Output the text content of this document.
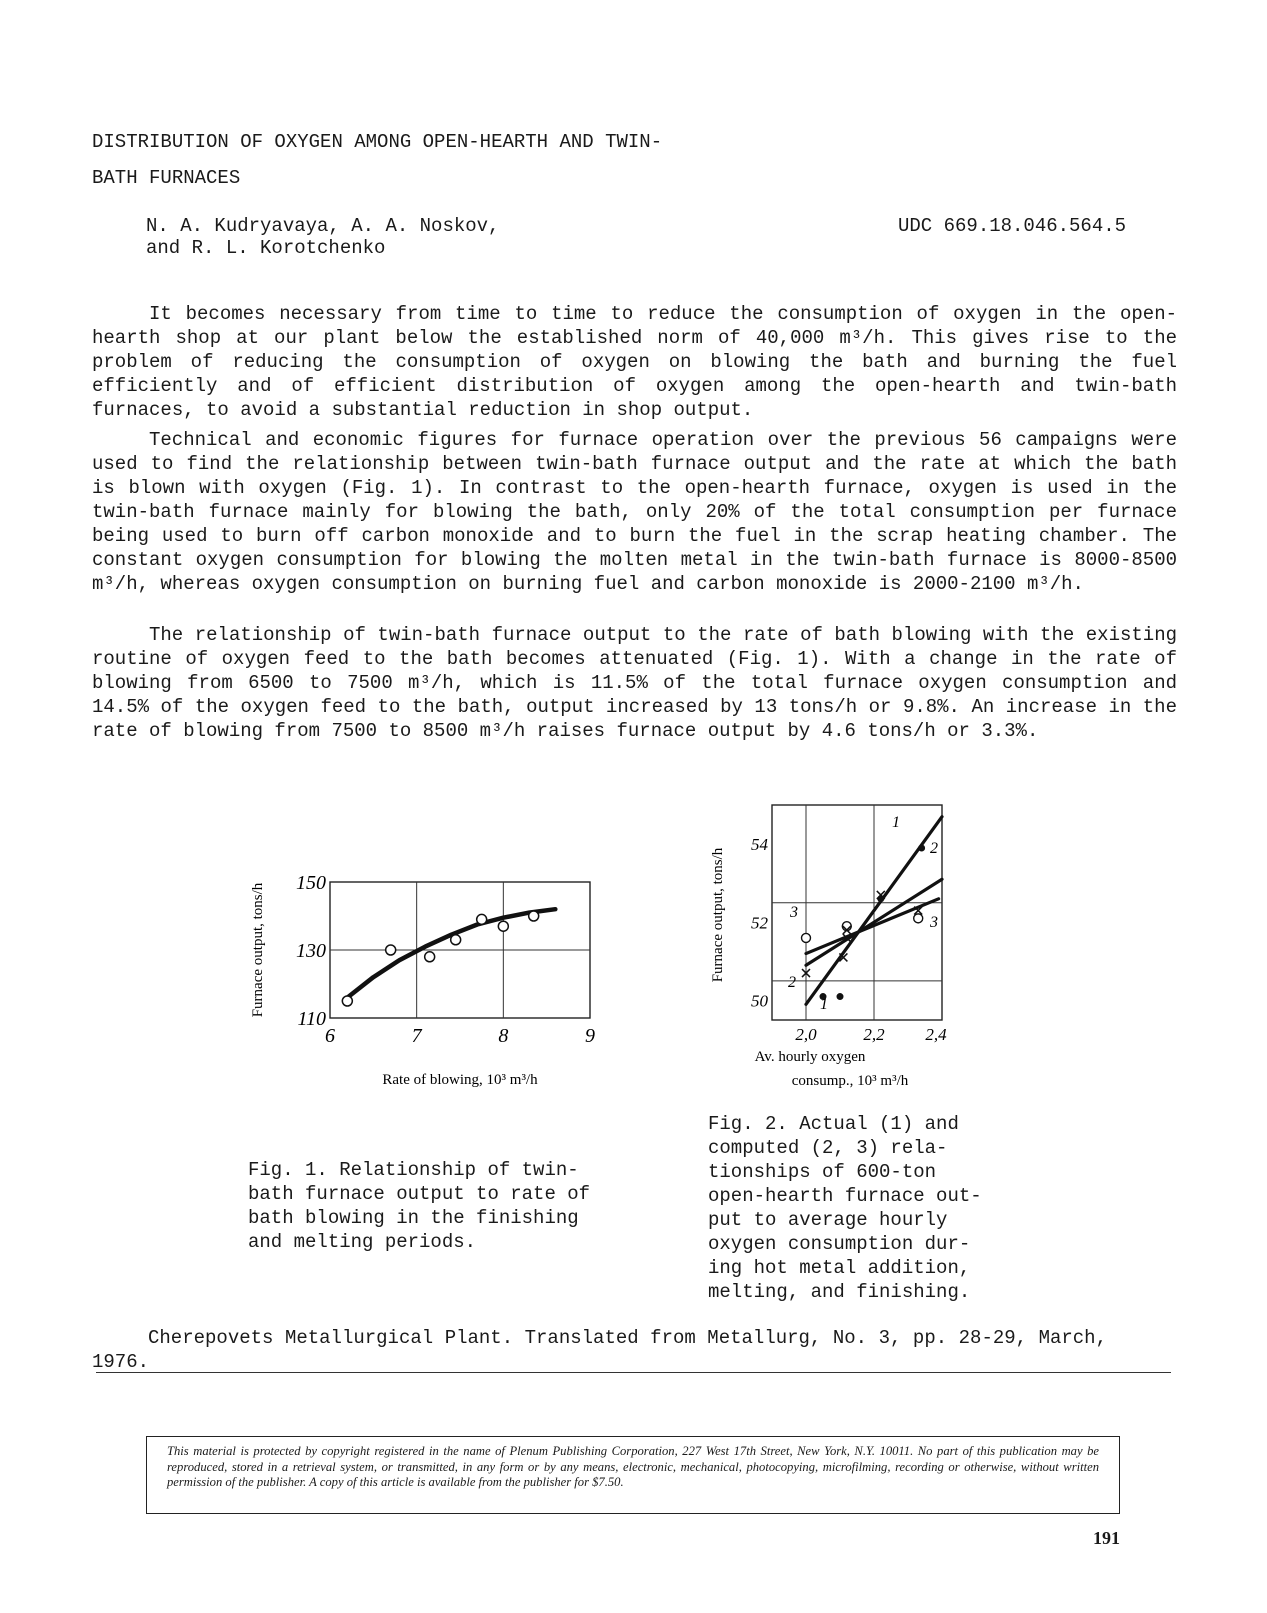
DISTRIBUTION OF OXYGEN AMONG OPEN-HEARTH AND TWIN-
BATH FURNACES
N. A. Kudryavaya, A. A. Noskov,
and R. L. Korotchenko
UDC 669.18.046.564.5
It becomes necessary from time to time to reduce the consumption of oxygen in the open-hearth shop at our plant below the established norm of 40,000 m³/h. This gives rise to the problem of reducing the consumption of oxygen on blowing the bath and burning the fuel efficiently and of efficient distribution of oxygen among the open-hearth and twin-bath furnaces, to avoid a substantial reduction in shop output.
Technical and economic figures for furnace operation over the previous 56 campaigns were used to find the relationship between twin-bath furnace output and the rate at which the bath is blown with oxygen (Fig. 1). In contrast to the open-hearth furnace, oxygen is used in the twin-bath furnace mainly for blowing the bath, only 20% of the total consumption per furnace being used to burn off carbon monoxide and to burn the fuel in the scrap heating chamber. The constant oxygen consumption for blowing the molten metal in the twin-bath furnace is 8000-8500 m³/h, whereas oxygen consumption on burning fuel and carbon monoxide is 2000-2100 m³/h.
The relationship of twin-bath furnace output to the rate of bath blowing with the existing routine of oxygen feed to the bath becomes attenuated (Fig. 1). With a change in the rate of blowing from 6500 to 7500 m³/h, which is 11.5% of the total furnace oxygen consumption and 14.5% of the oxygen feed to the bath, output increased by 13 tons/h or 9.8%. An increase in the rate of blowing from 7500 to 8500 m³/h raises furnace output by 4.6 tons/h or 3.3%.
6	7	8	9
150
130
110
Rate of blowing, 10³ m³/h
Furnace output, tons/h
Fig. 1. Relationship of twin-
bath furnace output to rate of
bath blowing in the finishing
and melting periods.
1
2
3
3
2
1
2,0	2,2 2,4
54
52
50
Av. hourly oxygen
consump., 10³ m³/h
Furnace output, tons/h
Fig. 2. Actual (1) and
computed (2, 3) rela-
tionships of 600-ton
open-hearth furnace out-
put to average hourly
oxygen consumption dur-
ing hot metal addition,
melting, and finishing.
Cherepovets Metallurgical Plant. Translated from Metallurg, No. 3, pp. 28-29, March, 1976.
This material is protected by copyright registered in the name of Plenum Publishing Corporation, 227 West 17th Street, New York, N.Y. 10011. No part of this publication may be reproduced, stored in a retrieval system, or transmitted, in any form or by any means, electronic, mechanical, photocopying, microfilming, recording or otherwise, without written permission of the publisher. A copy of this article is available from the publisher for $7.50.
191
